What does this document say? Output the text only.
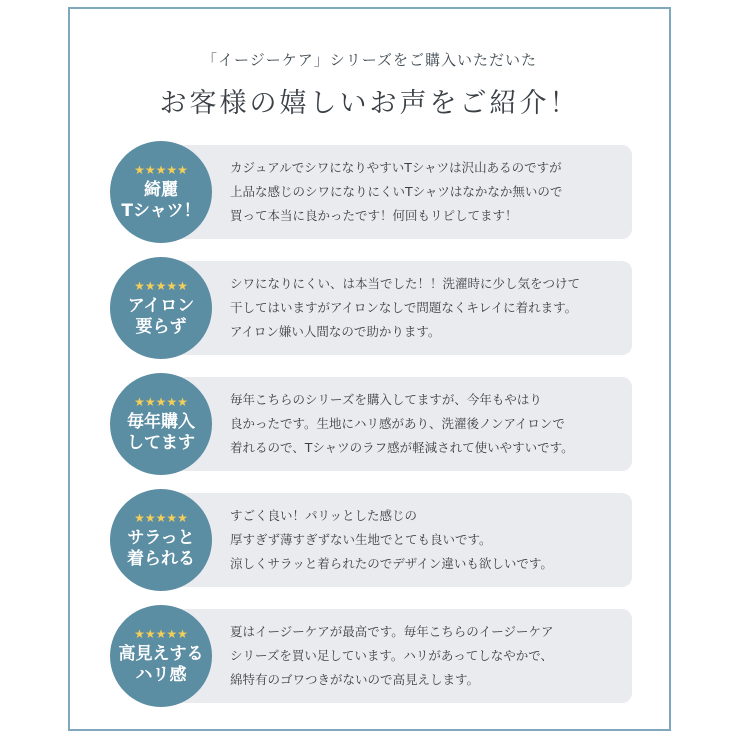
「イージーケア」シリーズをご購入いただいた
お客様の嬉しいお声をご紹介！

カジュアルでシワになりやすいTシャツは沢山あるのですが

上品な感じのシワになりにくいTシャツはなかなか無いので

買って本当に良かったです！何回もリピしてます！

★★★★★
綺麗
Tシャツ！

シワになりにくい、は本当でした！！洗濯時に少し気をつけて

干してはいますがアイロンなしで問題なくキレイに着れます。

アイロン嫌い人間なので助かります。

★★★★★
アイロン
要らず

毎年こちらのシリーズを購入してますが、今年もやはり

良かったです。生地にハリ感があり、洗濯後ノンアイロンで

着れるので、Tシャツのラフ感が軽減されて使いやすいです。

★★★★★
毎年購入
してます

すごく良い！パリッとした感じの

厚すぎず薄すぎずない生地でとても良いです。

涼しくサラッと着られたのでデザイン違いも欲しいです。

★★★★★
サラっと
着られる

夏はイージーケアが最高です。毎年こちらのイージーケア

シリーズを買い足しています。ハリがあってしなやかで、

綿特有のゴワつきがないので高見えします。

★★★★★
高見えする
ハリ感
